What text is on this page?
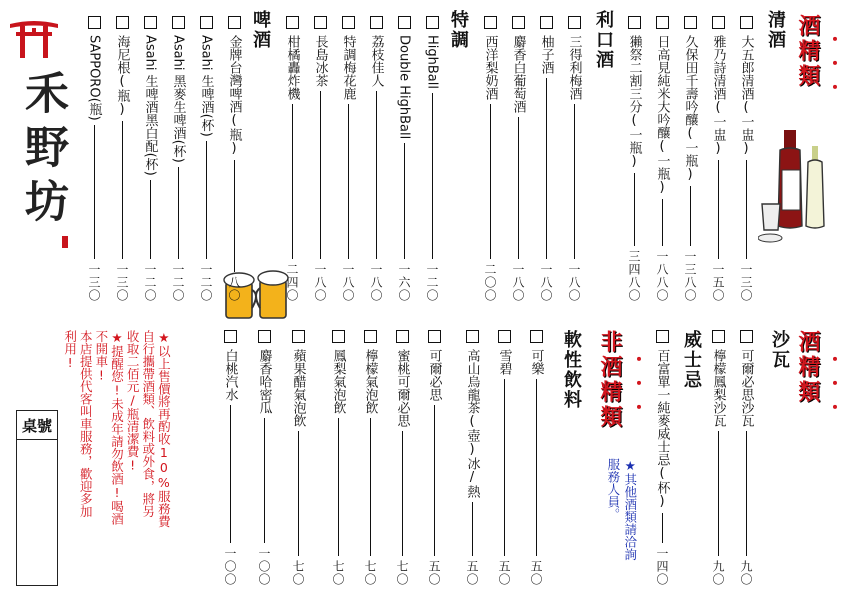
禾野坊
酒精類 ・・・
清酒
利口酒
特調
啤酒
酒精類 ・・・
沙瓦
威士忌
★其他酒類請洽詢服務人員。
非酒精類 ・・・
軟性飲料
★以上售價將再酌收10%服務費
自行攜帶酒類、飲料或外食，將另
收取二佰元/瓶清潔費!
★提醒您!未成年請勿飲酒!喝酒
不開車!
本店提供代客叫車服務，歡迎多加
利用!
桌號
大五郎清酒(一盅)
一三〇
雅乃詩清酒(一盅)
一五〇
久保田千壽吟釀(一瓶)
一三八〇
日高見純米大吟釀(一瓶)
一八八〇
獺祭二割三分(一瓶)
三四八〇
三得利梅酒
一八〇
柚子酒
一八〇
麝香白葡萄酒
一八〇
西洋梨奶酒
二〇〇
HighBall
一二〇
Double HighBall
一六〇
荔枝佳人
一八〇
特調梅花鹿
一八〇
長島冰茶
一八〇
柑橘轟炸機
二四〇
金牌台灣啤酒(瓶)
八〇
Asahi 生啤酒(杯)
一二〇
Asahi 黑麥生啤酒(杯)
一二〇
Asahi 生啤酒黑白配(杯)
一二〇
海尼根(瓶)
一三〇
SAPPORO(瓶)
一三〇
可爾必思沙瓦
九〇
檸檬鳳梨沙瓦
九〇
百富單一純麥威士忌(杯)
一四〇
可樂
五〇
雪碧
五〇
高山烏龍茶(壺)冰/熱
五〇
可爾必思
五〇
蜜桃可爾必思
七〇
檸檬氣泡飲
七〇
鳳梨氣泡飲
七〇
蘋果醋氣泡飲
七〇
麝香哈密瓜
一〇〇
白桃汽水
一〇〇
